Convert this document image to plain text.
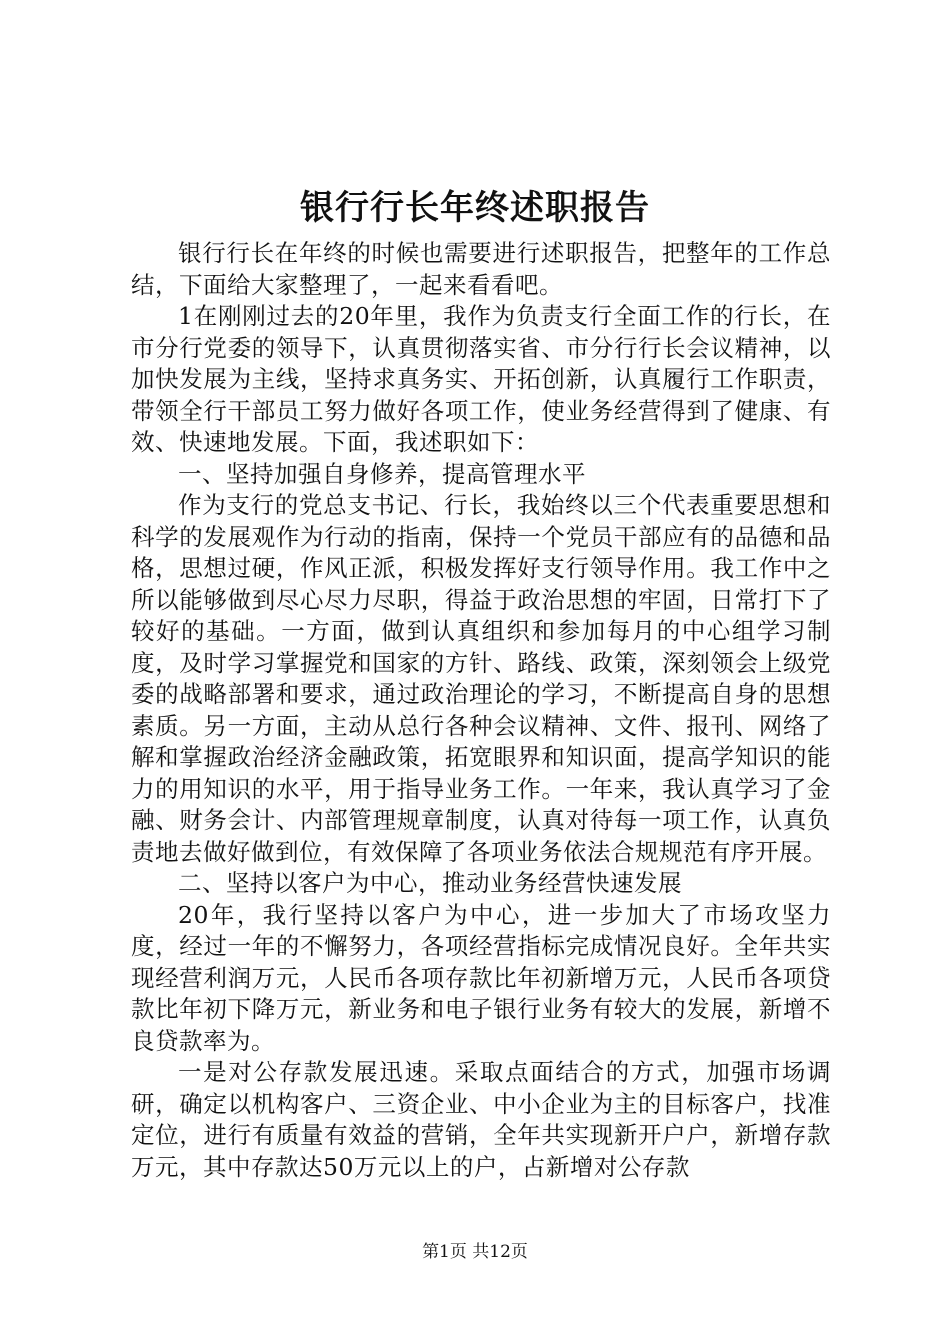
银行行长年终述职报告

银行行长在年终的时候也需要进行述职报告，把整年的工作总结，下面给大家整理了，一起来看看吧。

1在刚刚过去的20年里，我作为负责支行全面工作的行长，在市分行党委的领导下，认真贯彻落实省、市分行行长会议精神，以加快发展为主线，坚持求真务实、开拓创新，认真履行工作职责，带领全行干部员工努力做好各项工作，使业务经营得到了健康、有效、快速地发展。下面，我述职如下：

一、坚持加强自身修养，提高管理水平

作为支行的党总支书记、行长，我始终以三个代表重要思想和科学的发展观作为行动的指南，保持一个党员干部应有的品德和品格，思想过硬，作风正派，积极发挥好支行领导作用。我工作中之所以能够做到尽心尽力尽职，得益于政治思想的牢固，日常打下了较好的基础。一方面，做到认真组织和参加每月的中心组学习制度，及时学习掌握党和国家的方针、路线、政策，深刻领会上级党委的战略部署和要求，通过政治理论的学习，不断提高自身的思想素质。另一方面，主动从总行各种会议精神、文件、报刊、网络了解和掌握政治经济金融政策，拓宽眼界和知识面，提高学知识的能力的用知识的水平，用于指导业务工作。一年来，我认真学习了金融、财务会计、内部管理规章制度，认真对待每一项工作，认真负责地去做好做到位，有效保障了各项业务依法合规规范有序开展。

二、坚持以客户为中心，推动业务经营快速发展

20年，我行坚持以客户为中心，进一步加大了市场攻坚力度，经过一年的不懈努力，各项经营指标完成情况良好。全年共实现经营利润万元，人民币各项存款比年初新增万元，人民币各项贷款比年初下降万元，新业务和电子银行业务有较大的发展，新增不良贷款率为。

一是对公存款发展迅速。采取点面结合的方式，加强市场调研，确定以机构客户、三资企业、中小企业为主的目标客户，找准定位，进行有质量有效益的营销，全年共实现新开户户，新增存款万元，其中存款达50万元以上的户，占新增对公存款

第1页 共12页
